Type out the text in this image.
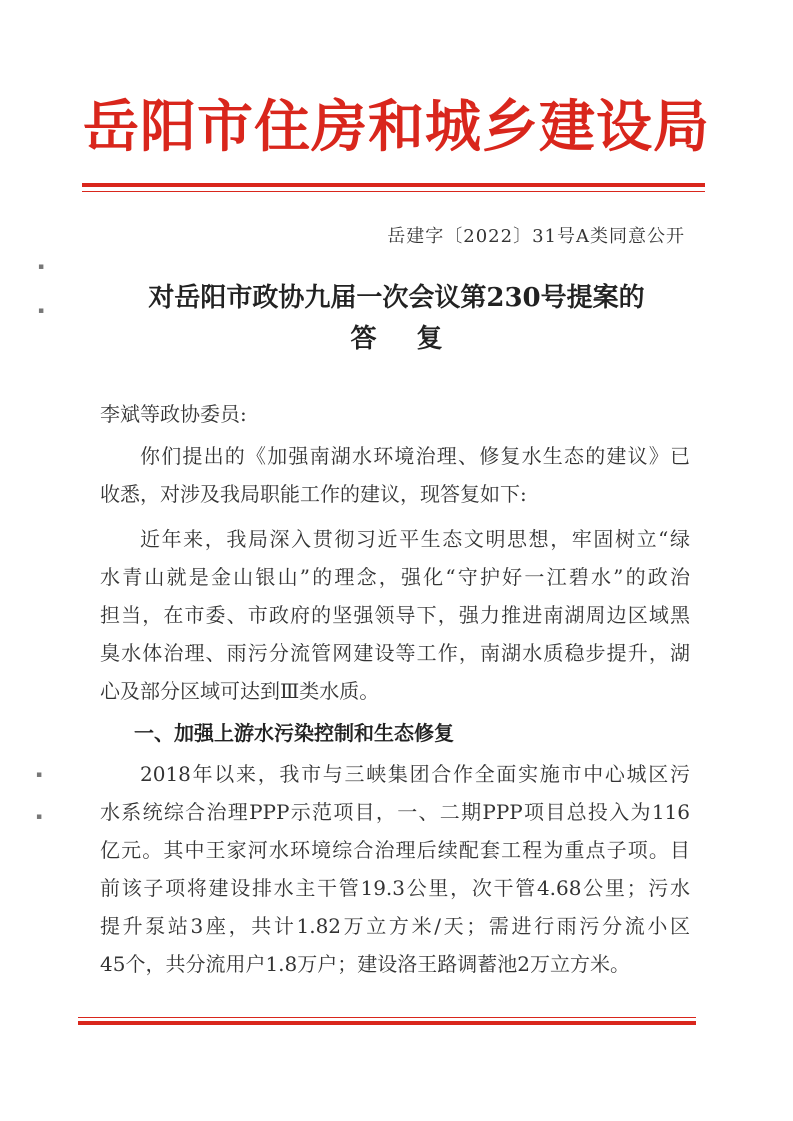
岳阳市住房和城乡建设局
岳建字〔2022〕31号A类同意公开
对岳阳市政协九届一次会议第230号提案的
答复
李斌等政协委员:
你们提出的《加强南湖水环境治理、修复水生态的建议》已
收悉，对涉及我局职能工作的建议，现答复如下:
近年来，我局深入贯彻习近平生态文明思想，牢固树立“绿
水青山就是金山银山”的理念，强化“守护好一江碧水”的政治
担当，在市委、市政府的坚强领导下，强力推进南湖周边区域黑
臭水体治理、雨污分流管网建设等工作，南湖水质稳步提升，湖
心及部分区域可达到Ⅲ类水质。
一、加强上游水污染控制和生态修复
2018年以来，我市与三峡集团合作全面实施市中心城区污
水系统综合治理PPP示范项目，一、二期PPP项目总投入为116
亿元。其中王家河水环境综合治理后续配套工程为重点子项。目
前该子项将建设排水主干管19.3公里，次干管4.68公里；污水
提升泵站3座，共计1.82万立方米/天；需进行雨污分流小区
45个，共分流用户1.8万户；建设洛王路调蓄池2万立方米。
▪
▪
▪
▪
